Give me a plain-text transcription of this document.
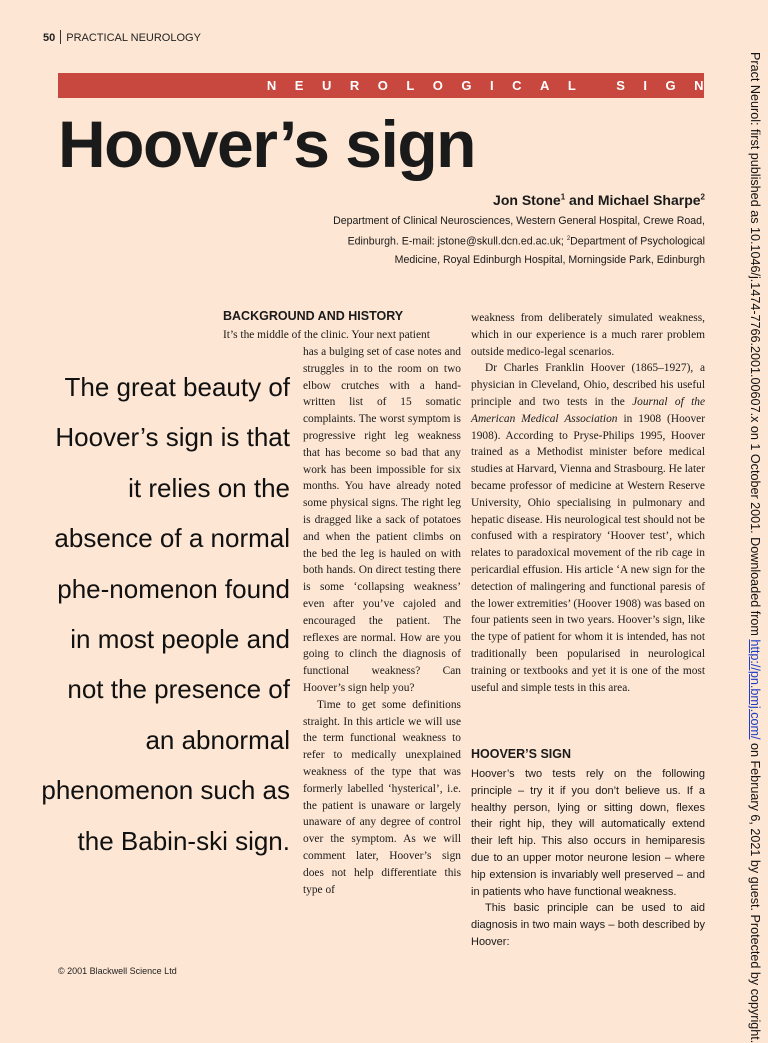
50 PRACTICAL NEUROLOGY
NEUROLOGICAL SIGN
Hoover’s sign
Jon Stone$^1$ and Michael Sharpe$^2$
Department of Clinical Neurosciences, Western General Hospital, Crewe Road,
Edinburgh. E-mail: jstone@skull.dcn.ed.ac.uk; $^2$Department of Psychological
Medicine, Royal Edinburgh Hospital, Morningside Park, Edinburgh
The great beauty of Hoover’s sign is that it relies on the absence of a normal phe-nomenon found in most people and not the presence of an abnormal phenomenon such as the Babin-ski sign.
BACKGROUND AND HISTORY
It’s the middle of the clinic. Your next patient

has a bulging set of case notes and struggles in to the room on two elbow crutches with a hand-written list of 15 somatic complaints. The worst symptom is progressive right leg weakness that has become so bad that any work has been impossible for six months. You have already noted some physical signs. The right leg is dragged like a sack of potatoes and when the patient climbs on the bed the leg is hauled on with both hands. On direct testing there is some ‘collapsing weakness’ even after you’ve cajoled and encouraged the patient. The reflexes are normal. How are you going to clinch the diagnosis of functional weakness? Can Hoover’s sign help you?

Time to get some definitions straight. In this article we will use the term functional weakness to refer to medically unexplained weakness of the type that was formerly labelled ‘hysterical’, i.e. the patient is unaware or largely unaware of any degree of control over the symptom. As we will comment later, Hoover’s sign does not help differentiate this type of

weakness from deliberately simulated weakness, which in our experience is a much rarer problem outside medico-legal scenarios.

Dr Charles Franklin Hoover (1865–1927), a physician in Cleveland, Ohio, described his useful principle and two tests in the Journal of the American Medical Association in 1908 (Hoover 1908). According to Pryse-Philips 1995, Hoover trained as a Methodist minister before medical studies at Harvard, Vienna and Strasbourg. He later became professor of medicine at Western Reserve University, Ohio specialising in pulmonary and hepatic disease. His neurological test should not be confused with a respiratory ‘Hoover test’, which relates to paradoxical movement of the rib cage in pericardial effusion. His article ‘A new sign for the detection of malingering and functional paresis of the lower extremities’ (Hoover 1908) was based on four patients seen in two years. Hoover’s sign, like the type of patient for whom it is intended, has not traditionally been popularised in neurological training or textbooks and yet it is one of the most useful and simple tests in this area.

HOOVER’S SIGN

Hoover’s two tests rely on the following principle – try it if you don’t believe us. If a healthy person, lying or sitting down, flexes their right hip, they will automatically extend their left hip. This also occurs in hemiparesis due to an upper motor neurone lesion – where hip extension is invariably well preserved – and in patients who have functional weakness.

This basic principle can be used to aid diagnosis in two main ways – both described by Hoover:

© 2001 Blackwell Science Ltd
Pract Neurol: first published as 10.1046/j.1474-7766.2001.00607.x on 1 October 2001. Downloaded from http://pn.bmj.com/ on February 6, 2021 by guest. Protected by copyright.
